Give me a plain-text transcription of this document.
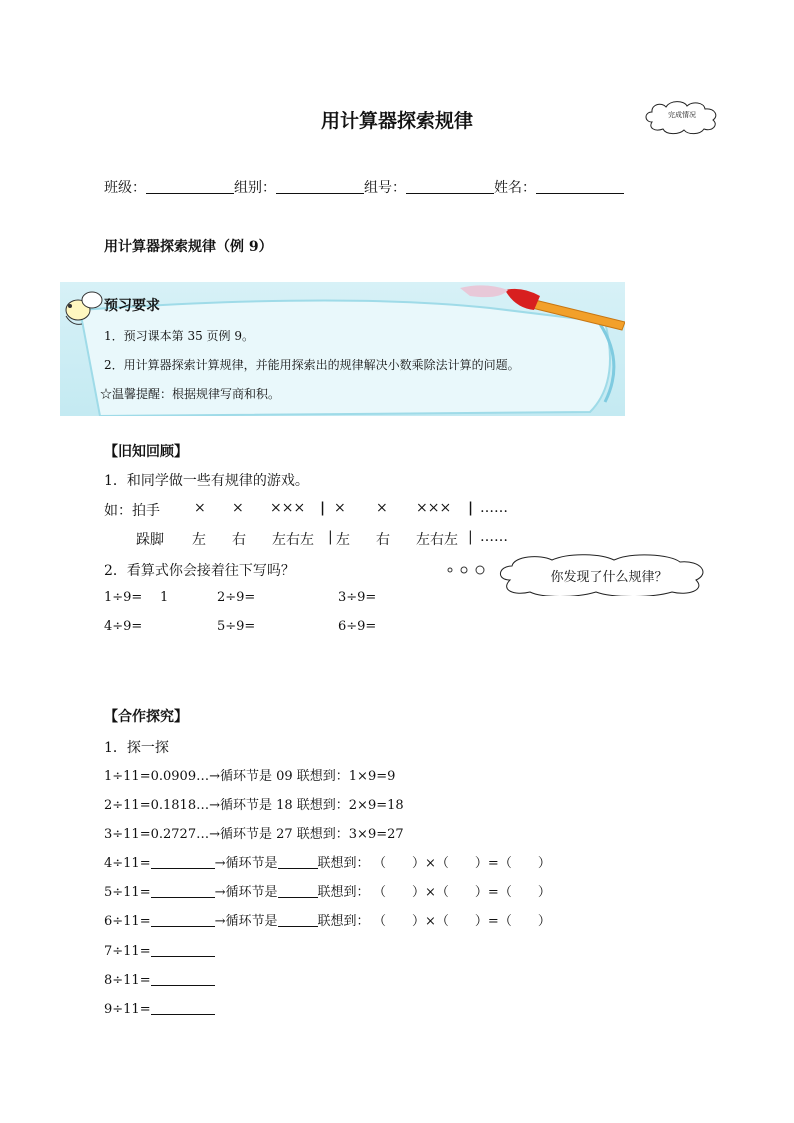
用计算器探索规律	完成情况
班级：	组别：	组号：	姓名：
用计算器探索规律（例 9）
预习要求
1．预习课本第 35 页例 9。
2．用计算器探索计算规律，并能用探索出的规律解决小数乘除法计算的问题。
☆温馨提醒：根据规律写商和积。
【旧知回顾】
1．和同学做一些有规律的游戏。
如：拍手 × × ××× | × × ××× | ……
跺脚 左 右 左右左 | 左 右 左右左 | ……
2．看算式你会接着往下写吗？	你发现了什么规律？
1÷9= 1	2÷9=	3÷9=
4÷9=	5÷9=	6÷9=
【合作探究】
1．探一探
1÷11=0.0909…→循环节是 09 联想到：1×9=9
2÷11=0.1818…→循环节是 18 联想到：2×9=18
3÷11=0.2727…→循环节是 27 联想到：3×9=27
4÷11=	→循环节是	联想到： （　　）×（　　）=（　　）
5÷11=	→循环节是	联想到： （　　）×（　　）=（　　）
6÷11=	→循环节是	联想到： （　　）×（　　）=（　　）
7÷11=
8÷11=
9÷11=
